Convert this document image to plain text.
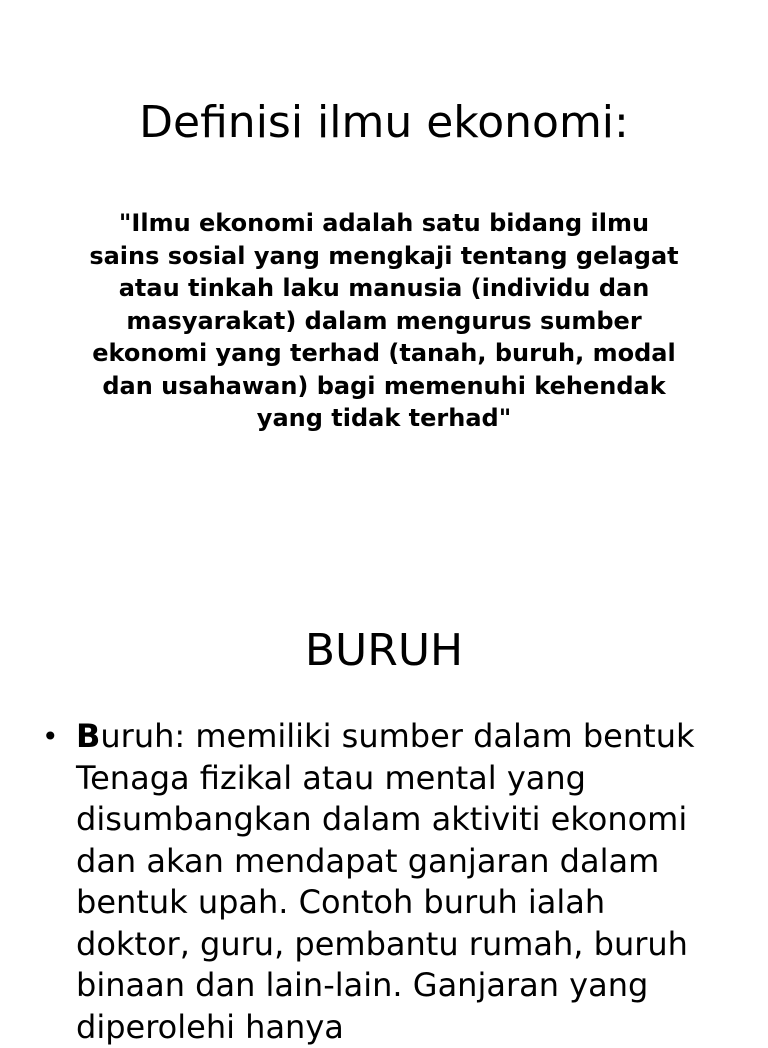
Definisi ilmu ekonomi:

"Ilmu ekonomi adalah satu bidang ilmu sains sosial yang mengkaji tentang gelagat atau tinkah laku manusia (individu dan masyarakat) dalam mengurus sumber ekonomi yang terhad (tanah, buruh, modal dan usahawan) bagi memenuhi kehendak yang tidak terhad"

BURUH
• Buruh: memiliki sumber dalam bentuk Tenaga fizikal atau mental yang disumbangkan dalam aktiviti ekonomi dan akan mendapat ganjaran dalam bentuk upah. Contoh buruh ialah doktor, guru, pembantu rumah, buruh binaan dan lain-lain. Ganjaran yang diperolehi hanya
